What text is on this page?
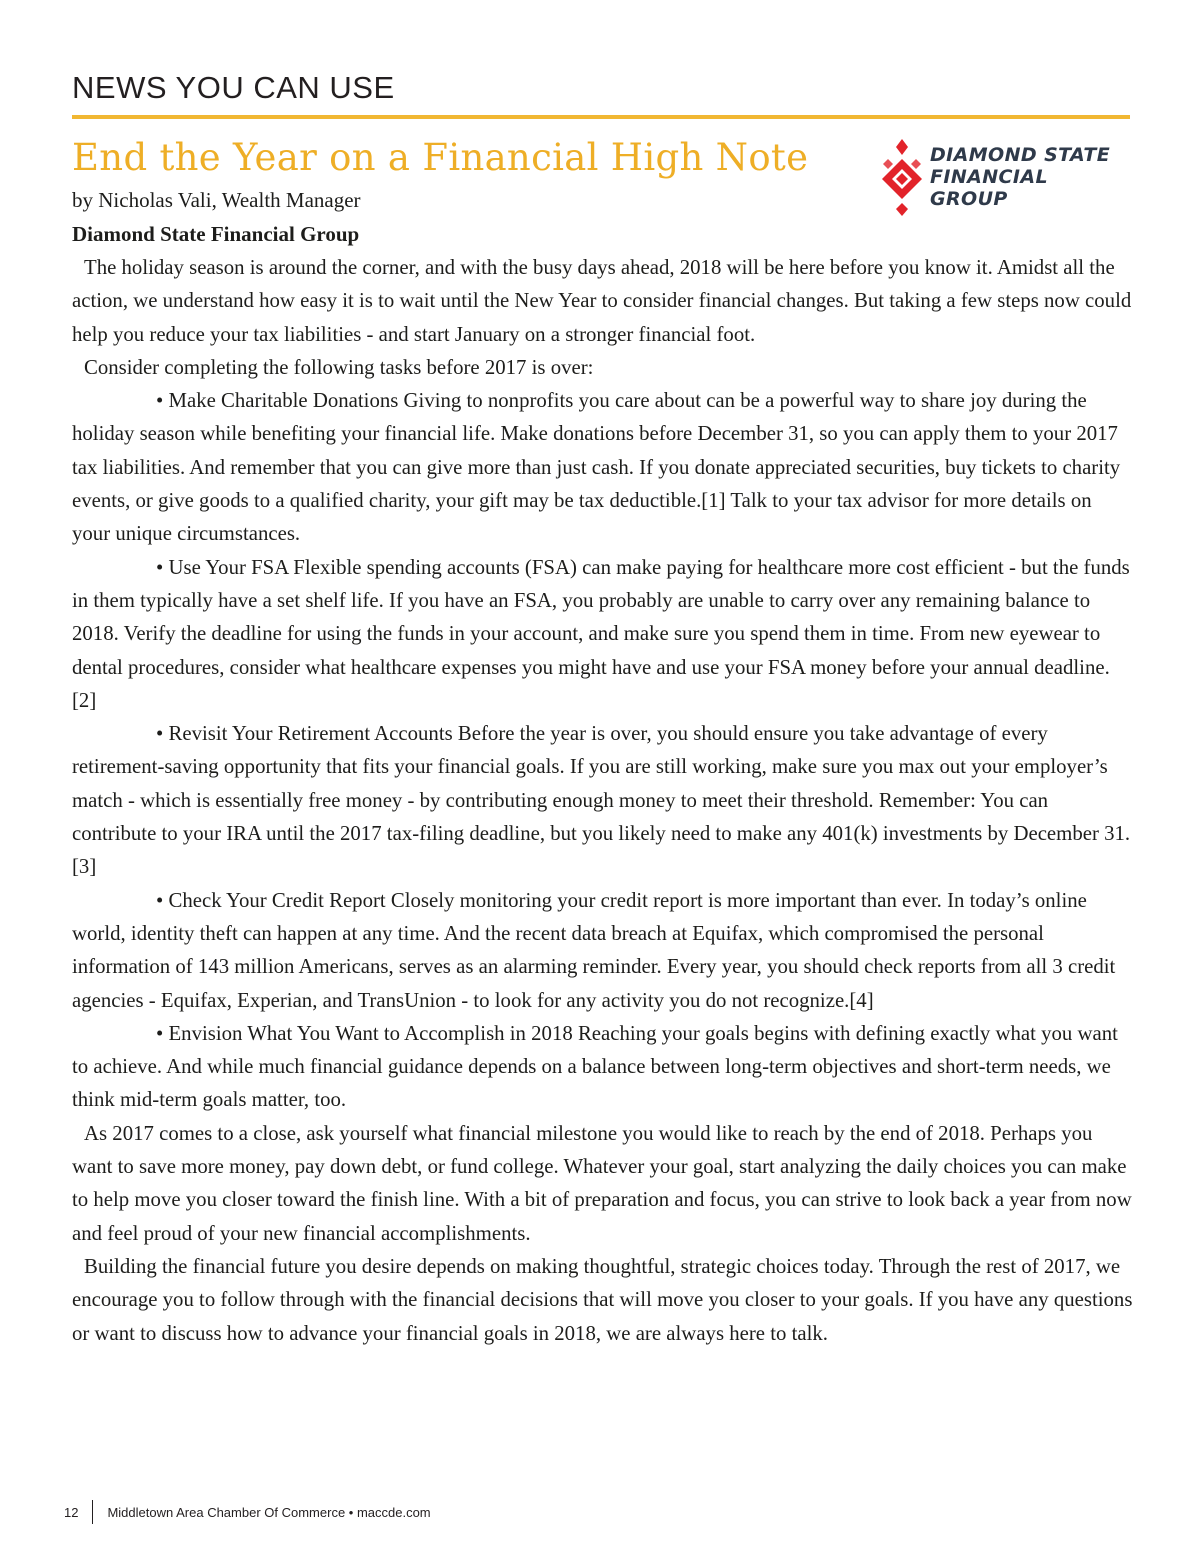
NEWS YOU CAN USE
End the Year on a Financial High Note	DIAMOND STATE
FINANCIAL GROUP
by Nicholas Vali, Wealth Manager
Diamond State Financial Group

The holiday season is around the corner, and with the busy days ahead, 2018 will be here before you know it. Amidst all the action, we understand how easy it is to wait until the New Year to consider financial changes. But taking a few steps now could help you reduce your tax liabilities - and start January on a stronger financial foot.

Consider completing the following tasks before 2017 is over:

• Make Charitable Donations Giving to nonprofits you care about can be a powerful way to share joy during the holiday season while benefiting your financial life. Make donations before December 31, so you can apply them to your 2017 tax liabilities. And remember that you can give more than just cash. If you donate appreciated securities, buy tickets to charity events, or give goods to a qualified charity, your gift may be tax deductible.[1] Talk to your tax advisor for more details on your unique circumstances.

• Use Your FSA Flexible spending accounts (FSA) can make paying for healthcare more cost efficient - but the funds in them typically have a set shelf life. If you have an FSA, you probably are unable to carry over any remaining balance to 2018. Verify the deadline for using the funds in your account, and make sure you spend them in time. From new eyewear to dental procedures, consider what healthcare expenses you might have and use your FSA money before your annual deadline.[2]

• Revisit Your Retirement Accounts Before the year is over, you should ensure you take advantage of every retirement-saving opportunity that fits your financial goals. If you are still working, make sure you max out your employer’s match - which is essentially free money - by contributing enough money to meet their threshold. Remember: You can contribute to your IRA until the 2017 tax-filing deadline, but you likely need to make any 401(k) investments by December 31.[3]

• Check Your Credit Report Closely monitoring your credit report is more important than ever. In today’s online world, identity theft can happen at any time. And the recent data breach at Equifax, which compromised the personal information of 143 million Americans, serves as an alarming reminder. Every year, you should check reports from all 3 credit agencies - Equifax, Experian, and TransUnion - to look for any activity you do not recognize.[4]

• Envision What You Want to Accomplish in 2018 Reaching your goals begins with defining exactly what you want to achieve. And while much financial guidance depends on a balance between long-term objectives and short-term needs, we think mid-term goals matter, too.

As 2017 comes to a close, ask yourself what financial milestone you would like to reach by the end of 2018. Perhaps you want to save more money, pay down debt, or fund college. Whatever your goal, start analyzing the daily choices you can make to help move you closer toward the finish line. With a bit of preparation and focus, you can strive to look back a year from now and feel proud of your new financial accomplishments.

Building the financial future you desire depends on making thoughtful, strategic choices today. Through the rest of 2017, we encourage you to follow through with the financial decisions that will move you closer to your goals. If you have any questions or want to discuss how to advance your financial goals in 2018, we are always here to talk.

12 Middletown Area Chamber Of Commerce • maccde.com
